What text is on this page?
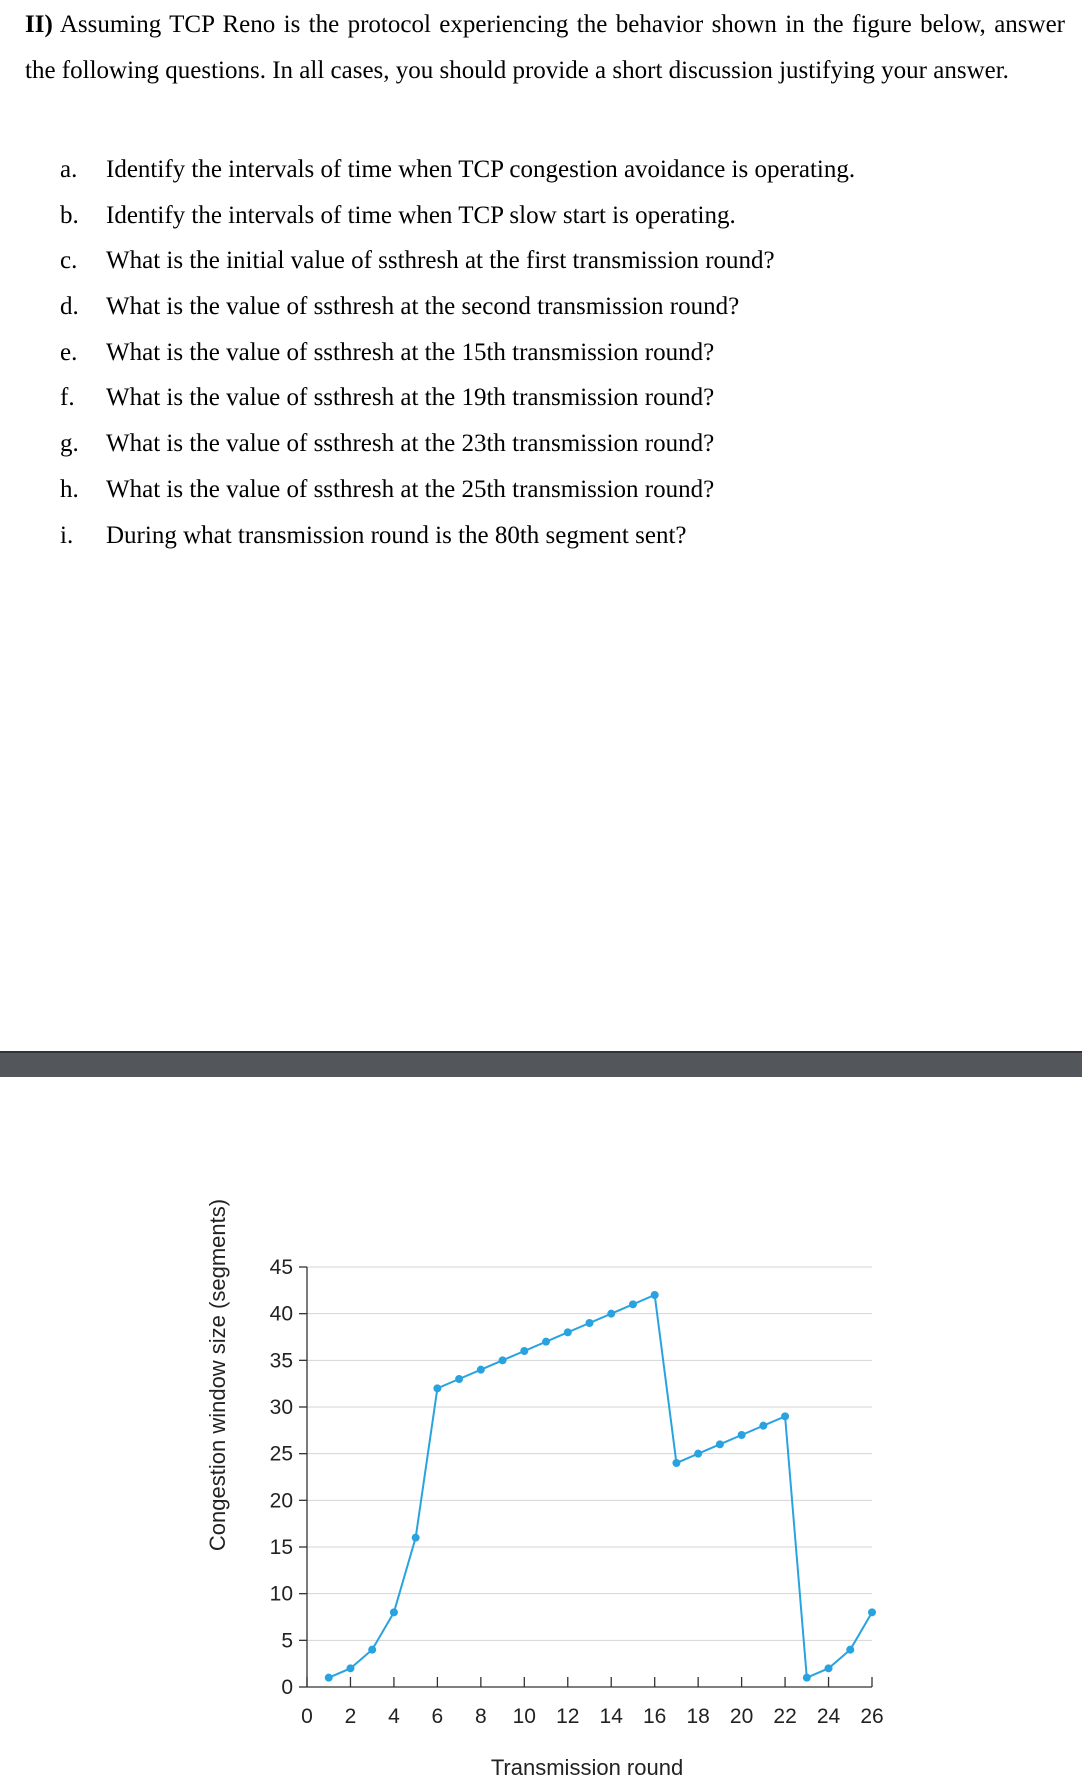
II) Assuming TCP Reno is the protocol experiencing the behavior shown in the figure below, answer the following questions. In all cases, you should provide a short discussion justifying your answer.
a. Identify the intervals of time when TCP congestion avoidance is operating.
b. Identify the intervals of time when TCP slow start is operating.
c. What is the initial value of ssthresh at the first transmission round?
d. What is the value of ssthresh at the second transmission round?
e. What is the value of ssthresh at the 15th transmission round?
f. What is the value of ssthresh at the 19th transmission round?
g. What is the value of ssthresh at the 23th transmission round?
h. What is the value of ssthresh at the 25th transmission round?
i. During what transmission round is the 80th segment sent?
0
5
10
15
20
25
30
35
40
45
0 2 4 6 8 10 12 14 16 18 20 22 24 26
Transmission round
Congestion window size (segments)
